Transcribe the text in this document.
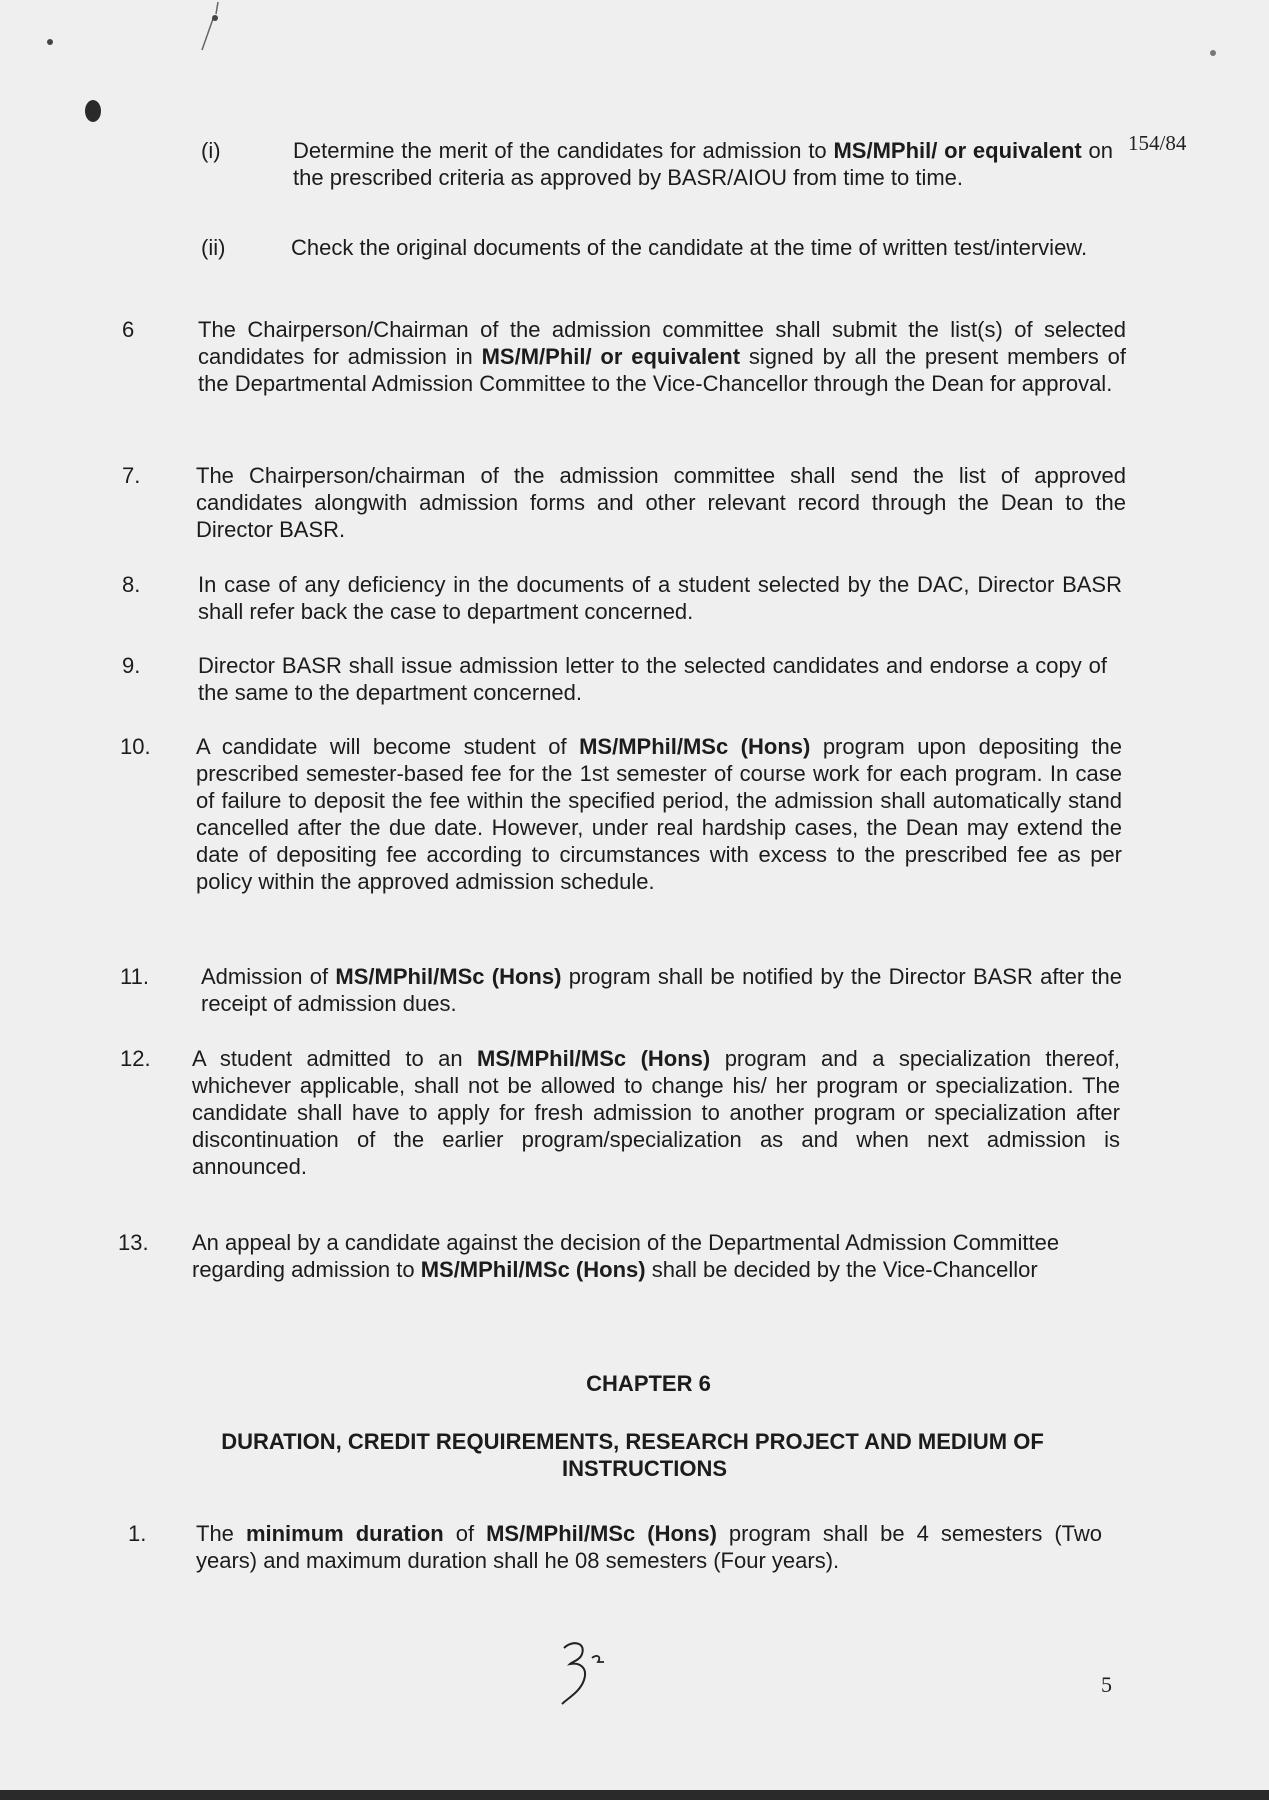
154/84
(i)	Determine the merit of the candidates for admission to MS/MPhil/ or equivalent on the prescribed criteria as approved by BASR/AIOU from time to time.
(ii)	Check the original documents of the candidate at the time of written test/interview.
6	The Chairperson/Chairman of the admission committee shall submit the list(s) of selected candidates for admission in MS/M/Phil/ or equivalent signed by all the present members of the Departmental Admission Committee to the Vice-Chancellor through the Dean for approval.
7.	The Chairperson/chairman of the admission committee shall send the list of approved candidates alongwith admission forms and other relevant record through the Dean to the Director BASR.
8.	In case of any deficiency in the documents of a student selected by the DAC, Director BASR shall refer back the case to department concerned.
9.	Director BASR shall issue admission letter to the selected candidates and endorse a copy of the same to the department concerned.
10. A candidate will become student of MS/MPhil/MSc (Hons) program upon depositing the prescribed semester-based fee for the 1st semester of course work for each program. In case of failure to deposit the fee within the specified period, the admission shall automatically stand cancelled after the due date. However, under real hardship cases, the Dean may extend the date of depositing fee according to circumstances with excess to the prescribed fee as per policy within the approved admission schedule.
11. Admission of MS/MPhil/MSc (Hons) program shall be notified by the Director BASR after the receipt of admission dues.
12. A student admitted to an MS/MPhil/MSc (Hons) program and a specialization thereof, whichever applicable, shall not be allowed to change his/ her program or specialization. The candidate shall have to apply for fresh admission to another program or specialization after discontinuation of the earlier program/specialization as and when next admission is announced.
13. An appeal by a candidate against the decision of the Departmental Admission Committee regarding admission to MS/MPhil/MSc (Hons) shall be decided by the Vice-Chancellor
CHAPTER 6
DURATION, CREDIT REQUIREMENTS, RESEARCH PROJECT AND MEDIUM OF
INSTRUCTIONS
1. The minimum duration of MS/MPhil/MSc (Hons) program shall be 4 semesters (Two years) and maximum duration shall he 08 semesters (Four years).
5
